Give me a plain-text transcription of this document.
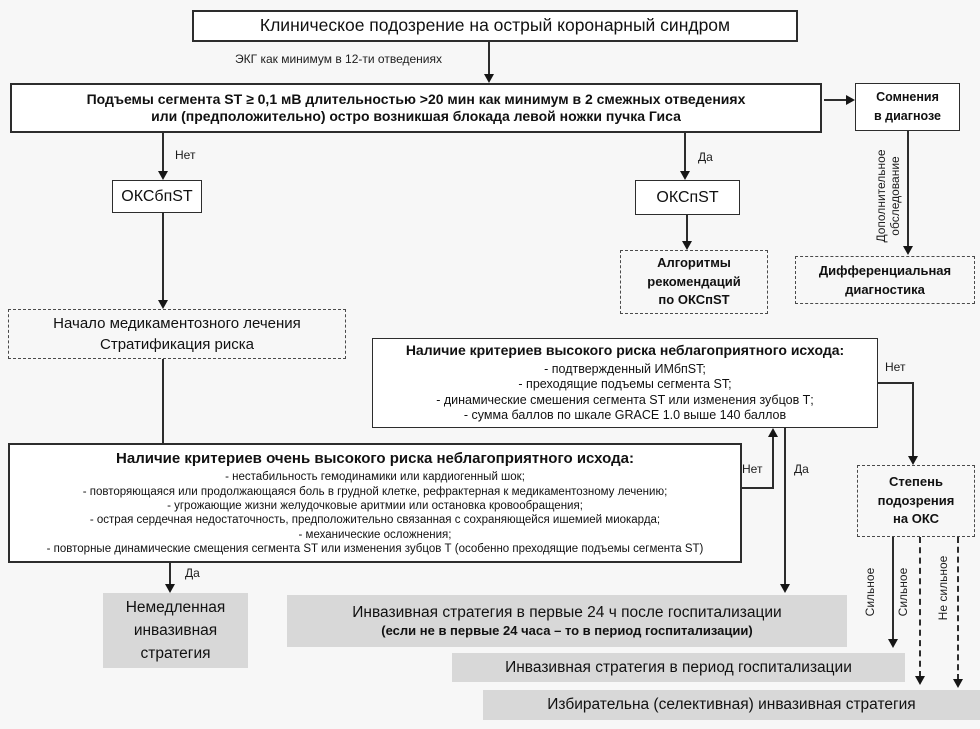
Клиническое подозрение на острый коронарный синдром
ЭКГ как минимум в 12-ти отведениях
Подъемы сегмента ST ≥ 0,1 мВ длительностью >20 мин как минимум в 2 смежных отведениях
или (предположительно) остро возникшая блокада левой ножки пучка Гиса
Сомнения
в диагнозе
Нет	Да
ОКСбпST	ОКСпST	Дополнительное
обследование
Алгоритмы
рекомендаций
по ОКСпST
Дифференциальная
диагностика
Начало медикаментозного лечения
Стратификация риска	Наличие критериев высокого риска неблагоприятного исхода:
- подтвержденный ИМбпST;
- преходящие подъемы сегмента ST;
- динамические смешения сегмента ST или изменения зубцов Т;
- сумма баллов по шкале GRACE 1.0 выше 140 баллов
Наличие критериев очень высокого риска неблагоприятного исхода:
- нестабильность гемодинамики или кардиогенный шок;
- повторяющаяся или продолжающаяся боль в грудной клетке, рефрактерная к медикаментозному лечению;
- угрожающие жизни желудочковые аритмии или остановка кровообращения;
- острая сердечная недостаточность, предположительно связанная с сохраняющейся ишемией миокарда;
- механические осложнения;
- повторные динамические смещения сегмента ST или изменения зубцов Т (особенно преходящие подъемы сегмента ST)
Нет
Нет	Да
Да
Степень
подозрения
на ОКС
Немедленная
инвазивная
стратегия
Инвазивная стратегия в первые 24 ч после госпитализации
(если не в первые 24 часа – то в период госпитализации)
Инвазивная стратегия в период госпитализации
Избирательна (селективная) инвазивная стратегия
Сильное Сильное Не сильное
